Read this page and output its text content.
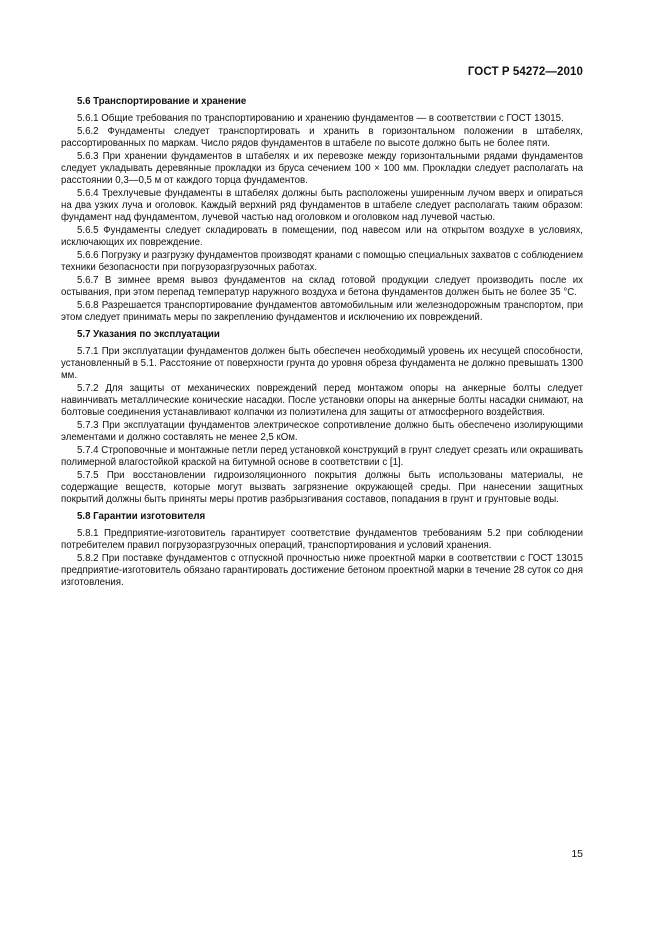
ГОСТ Р 54272—2010
5.6 Транспортирование и хранение

5.6.1 Общие требования по транспортированию и хранению фундаментов — в соответствии с ГОСТ 13015.

5.6.2 Фундаменты следует транспортировать и хранить в горизонтальном положении в штабелях, рассортированных по маркам. Число рядов фундаментов в штабеле по высоте должно быть не более пяти.

5.6.3 При хранении фундаментов в штабелях и их перевозке между горизонтальными рядами фундаментов следует укладывать деревянные прокладки из бруса сечением 100 × 100 мм. Прокладки следует располагать на расстоянии 0,3—0,5 м от каждого торца фундаментов.

5.6.4 Трехлучевые фундаменты в штабелях должны быть расположены уширенным лучом вверх и опираться на два узких луча и оголовок. Каждый верхний ряд фундаментов в штабеле следует располагать таким образом: фундамент над фундаментом, лучевой частью над оголовком и оголовком над лучевой частью.

5.6.5 Фундаменты следует складировать в помещении, под навесом или на открытом воздухе в условиях, исключающих их повреждение.

5.6.6 Погрузку и разгрузку фундаментов производят кранами с помощью специальных захватов с соблюдением техники безопасности при погрузоразгрузочных работах.

5.6.7 В зимнее время вывоз фундаментов на склад готовой продукции следует производить после их остывания, при этом перепад температур наружного воздуха и бетона фундаментов должен быть не более 35 °С.

5.6.8 Разрешается транспортирование фундаментов автомобильным или железнодорожным транспортом, при этом следует принимать меры по закреплению фундаментов и исключению их повреждений.

5.7 Указания по эксплуатации

5.7.1 При эксплуатации фундаментов должен быть обеспечен необходимый уровень их несущей способности, установленный в 5.1. Расстояние от поверхности грунта до уровня обреза фундамента не должно превышать 1300 мм.

5.7.2 Для защиты от механических повреждений перед монтажом опоры на анкерные болты следует навинчивать металлические конические насадки. После установки опоры на анкерные болты насадки снимают, на болтовые соединения устанавливают колпачки из полиэтилена для защиты от атмосферного воздействия.

5.7.3 При эксплуатации фундаментов электрическое сопротивление должно быть обеспечено изолирующими элементами и должно составлять не менее 2,5 кОм.

5.7.4 Строповочные и монтажные петли перед установкой конструкций в грунт следует срезать или окрашивать полимерной влагостойкой краской на битумной основе в соответствии с [1].

5.7.5 При восстановлении гидроизоляционного покрытия должны быть использованы материалы, не содержащие веществ, которые могут вызвать загрязнение окружающей среды. При нанесении защитных покрытий должны быть приняты меры против разбрызгивания составов, попадания в грунт и грунтовые воды.

5.8 Гарантии изготовителя

5.8.1 Предприятие-изготовитель гарантирует соответствие фундаментов требованиям 5.2 при соблюдении потребителем правил погрузоразгрузочных операций, транспортирования и условий хранения.

5.8.2 При поставке фундаментов с отпускной прочностью ниже проектной марки в соответствии с ГОСТ 13015 предприятие-изготовитель обязано гарантировать достижение бетоном проектной марки в течение 28 суток со дня изготовления.

15
